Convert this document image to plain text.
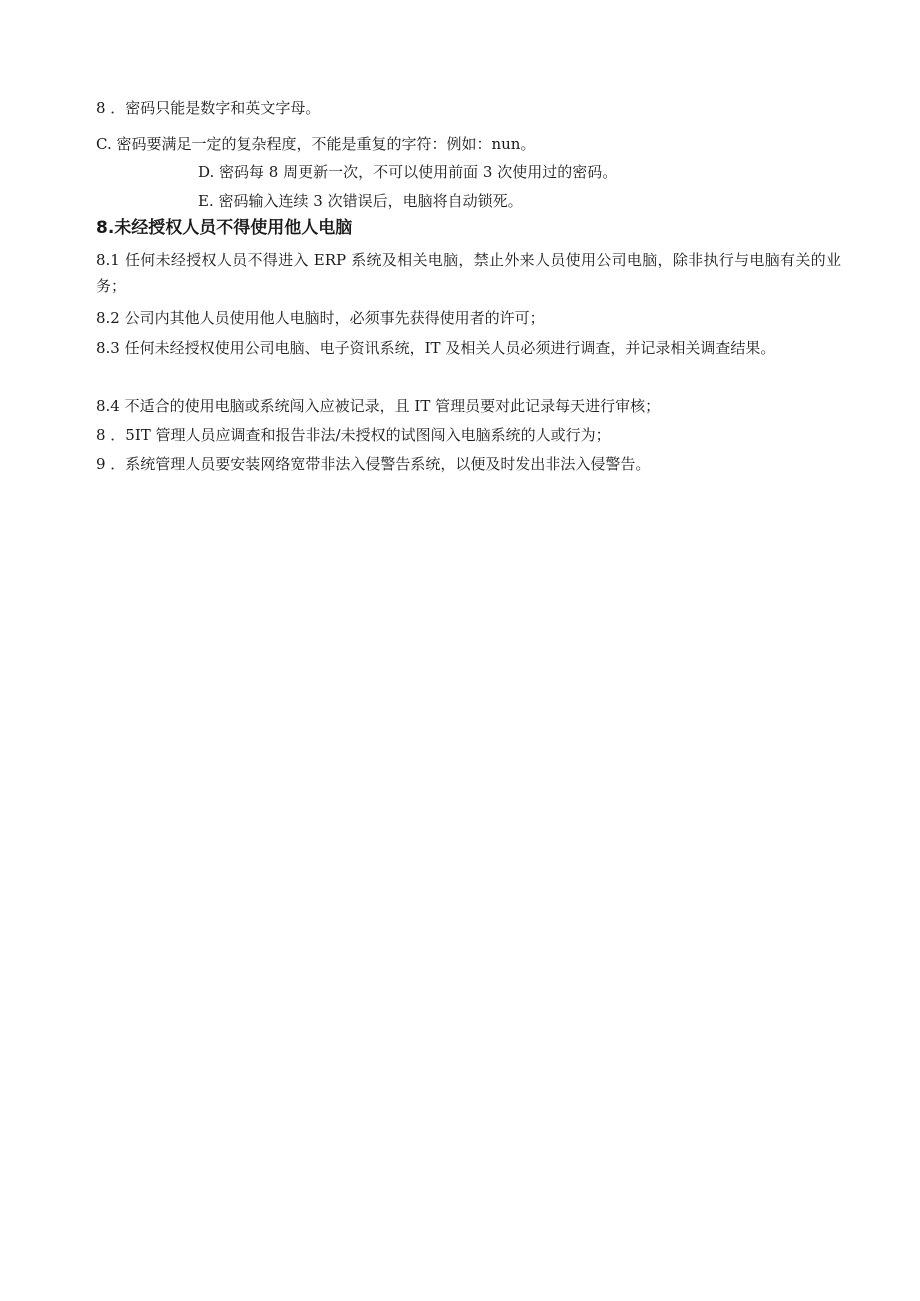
8 ．密码只能是数字和英文字母。

C. 密码要满足一定的复杂程度，不能是重复的字符：例如：nun。

D. 密码每 8 周更新一次，不可以使用前面 3 次使用过的密码。

E. 密码输入连续 3 次错误后，电脑将自动锁死。

8.未经授权人员不得使用他人电脑

8.1 任何未经授权人员不得进入 ERP 系统及相关电脑，禁止外来人员使用公司电脑，除非执行与电脑有关的业务；

8.2 公司内其他人员使用他人电脑时，必须事先获得使用者的许可；

8.3 任何未经授权使用公司电脑、电子资讯系统，IT 及相关人员必须进行调查，并记录相关调查结果。

8.4 不适合的使用电脑或系统闯入应被记录，且 IT 管理员要对此记录每天进行审核；

8 ．5IT 管理人员应调查和报告非法/未授权的试图闯入电脑系统的人或行为；

9 ．系统管理人员要安装网络宽带非法入侵警告系统，以便及时发出非法入侵警告。
